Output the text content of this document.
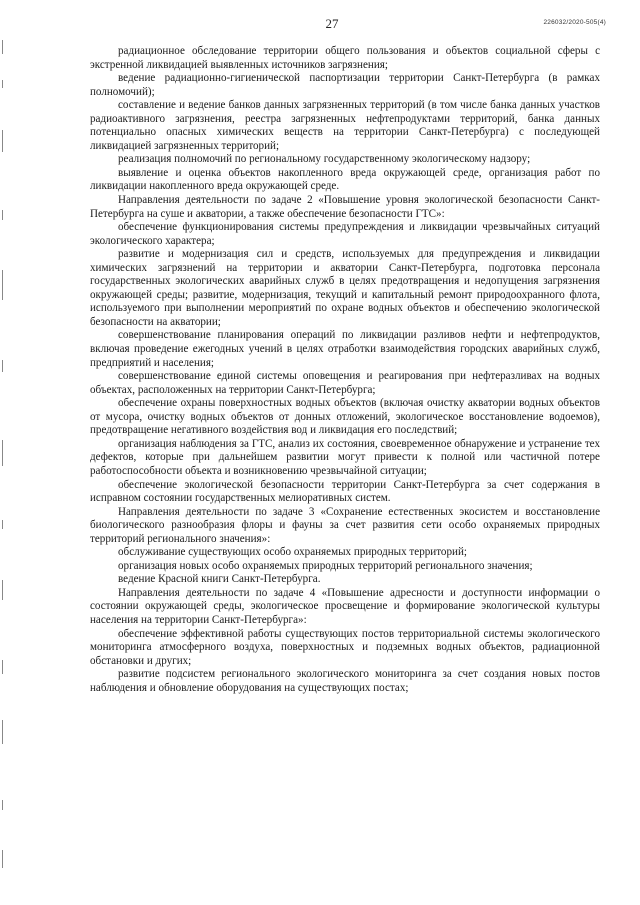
27	226032/2020-505(4)

радиационное обследование территории общего пользования и объектов социальной сферы с экстренной ликвидацией выявленных источников загрязнения;

ведение радиационно-гигиенической паспортизации территории Санкт-Петербурга (в рамках полномочий);

составление и ведение банков данных загрязненных территорий (в том числе банка данных участков радиоактивного загрязнения, реестра загрязненных нефтепродуктами территорий, банка данных потенциально опасных химических веществ на территории Санкт-Петербурга) с последующей ликвидацией загрязненных территорий;

реализация полномочий по региональному государственному экологическому надзору;

выявление и оценка объектов накопленного вреда окружающей среде, организация работ по ликвидации накопленного вреда окружающей среде.

Направления деятельности по задаче 2 «Повышение уровня экологической безопасности Санкт-Петербурга на суше и акватории, а также обеспечение безопасности ГТС»:

обеспечение функционирования системы предупреждения и ликвидации чрезвычайных ситуаций экологического характера;

развитие и модернизация сил и средств, используемых для предупреждения и ликвидации химических загрязнений на территории и акватории Санкт-Петербурга, подготовка персонала государственных экологических аварийных служб в целях предотвращения и недопущения загрязнения окружающей среды; развитие, модернизация, текущий и капитальный ремонт природоохранного флота, используемого при выполнении мероприятий по охране водных объектов и обеспечению экологической безопасности на акватории;

совершенствование планирования операций по ликвидации разливов нефти и нефтепродуктов, включая проведение ежегодных учений в целях отработки взаимодействия городских аварийных служб, предприятий и населения;

совершенствование единой системы оповещения и реагирования при нефтеразливах на водных объектах, расположенных на территории Санкт-Петербурга;

обеспечение охраны поверхностных водных объектов (включая очистку акватории водных объектов от мусора, очистку водных объектов от донных отложений, экологическое восстановление водоемов), предотвращение негативного воздействия вод и ликвидация его последствий;

организация наблюдения за ГТС, анализ их состояния, своевременное обнаружение и устранение тех дефектов, которые при дальнейшем развитии могут привести к полной или частичной потере работоспособности объекта и возникновению чрезвычайной ситуации;

обеспечение экологической безопасности территории Санкт-Петербурга за счет содержания в исправном состоянии государственных мелиоративных систем.

Направления деятельности по задаче 3 «Сохранение естественных экосистем и восстановление биологического разнообразия флоры и фауны за счет развития сети особо охраняемых природных территорий регионального значения»:

обслуживание существующих особо охраняемых природных территорий;

организация новых особо охраняемых природных территорий регионального значения;

ведение Красной книги Санкт-Петербурга.

Направления деятельности по задаче 4 «Повышение адресности и доступности информации о состоянии окружающей среды, экологическое просвещение и формирование экологической культуры населения на территории Санкт-Петербурга»:

обеспечение эффективной работы существующих постов территориальной системы экологического мониторинга атмосферного воздуха, поверхностных и подземных водных объектов, радиационной обстановки и других;

развитие подсистем регионального экологического мониторинга за счет создания новых постов наблюдения и обновление оборудования на существующих постах;
